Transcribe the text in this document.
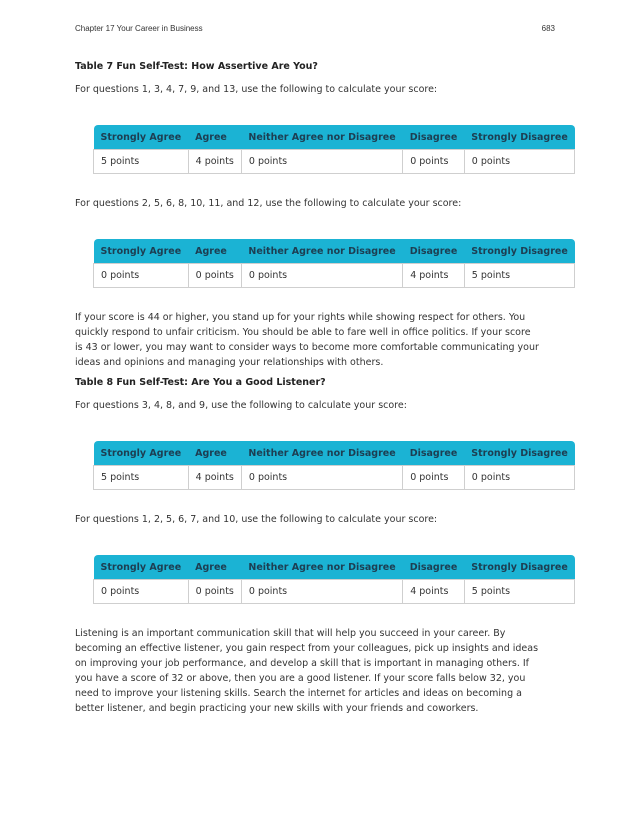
Chapter 17 Your Career in Business	683

Table 7 Fun Self-Test: How Assertive Are You?

For questions 1, 3, 4, 7, 9, and 13, use the following to calculate your score:

Strongly Agree	Agree	Neither Agree nor Disagree	Disagree	Strongly Disagree
5 points	4 points	0 points	0 points	0 points

For questions 2, 5, 6, 8, 10, 11, and 12, use the following to calculate your score:

Strongly Agree	Agree	Neither Agree nor Disagree	Disagree	Strongly Disagree
0 points	0 points	0 points	4 points	5 points

If your score is 44 or higher, you stand up for your rights while showing respect for others. You quickly respond to unfair criticism. You should be able to fare well in office politics. If your score is 43 or lower, you may want to consider ways to become more comfortable communicating your ideas and opinions and managing your relationships with others.

Table 8 Fun Self-Test: Are You a Good Listener?

For questions 3, 4, 8, and 9, use the following to calculate your score:

Strongly Agree	Agree	Neither Agree nor Disagree	Disagree	Strongly Disagree
5 points	4 points	0 points	0 points	0 points

For questions 1, 2, 5, 6, 7, and 10, use the following to calculate your score:

Strongly Agree	Agree	Neither Agree nor Disagree	Disagree	Strongly Disagree
0 points	0 points	0 points	4 points	5 points

Listening is an important communication skill that will help you succeed in your career. By becoming an effective listener, you gain respect from your colleagues, pick up insights and ideas on improving your job performance, and develop a skill that is important in managing others. If you have a score of 32 or above, then you are a good listener. If your score falls below 32, you need to improve your listening skills. Search the internet for articles and ideas on becoming a better listener, and begin practicing your new skills with your friends and coworkers.
